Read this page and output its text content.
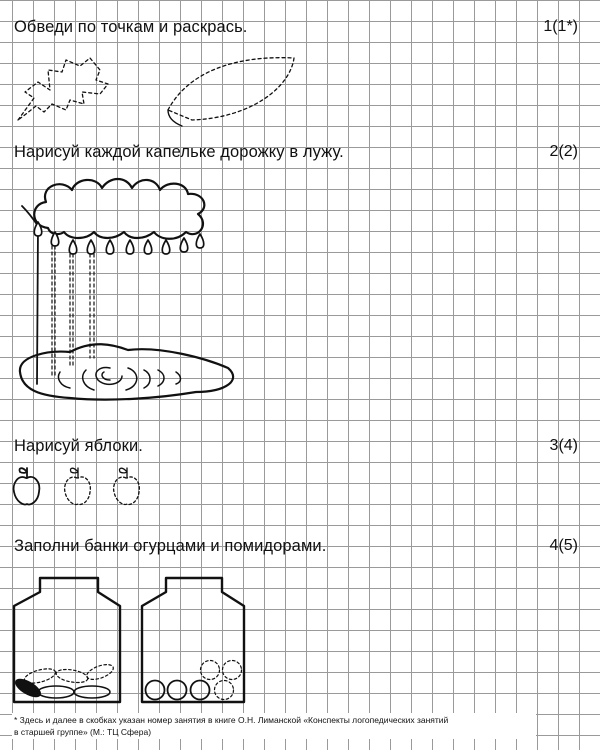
Обведи по точкам и раскрась.	1(1*)
Нарисуй каждой капельке дорожку в лужу.	2(2)
Нарисуй яблоки.	3(4)
Заполни банки огурцами и помидорами.	4(5)
* Здесь и далее в скобках указан номер занятия в книге О.Н. Лиманской «Конспекты логопедических занятий
в старшей группе» (М.: ТЦ Сфера)
